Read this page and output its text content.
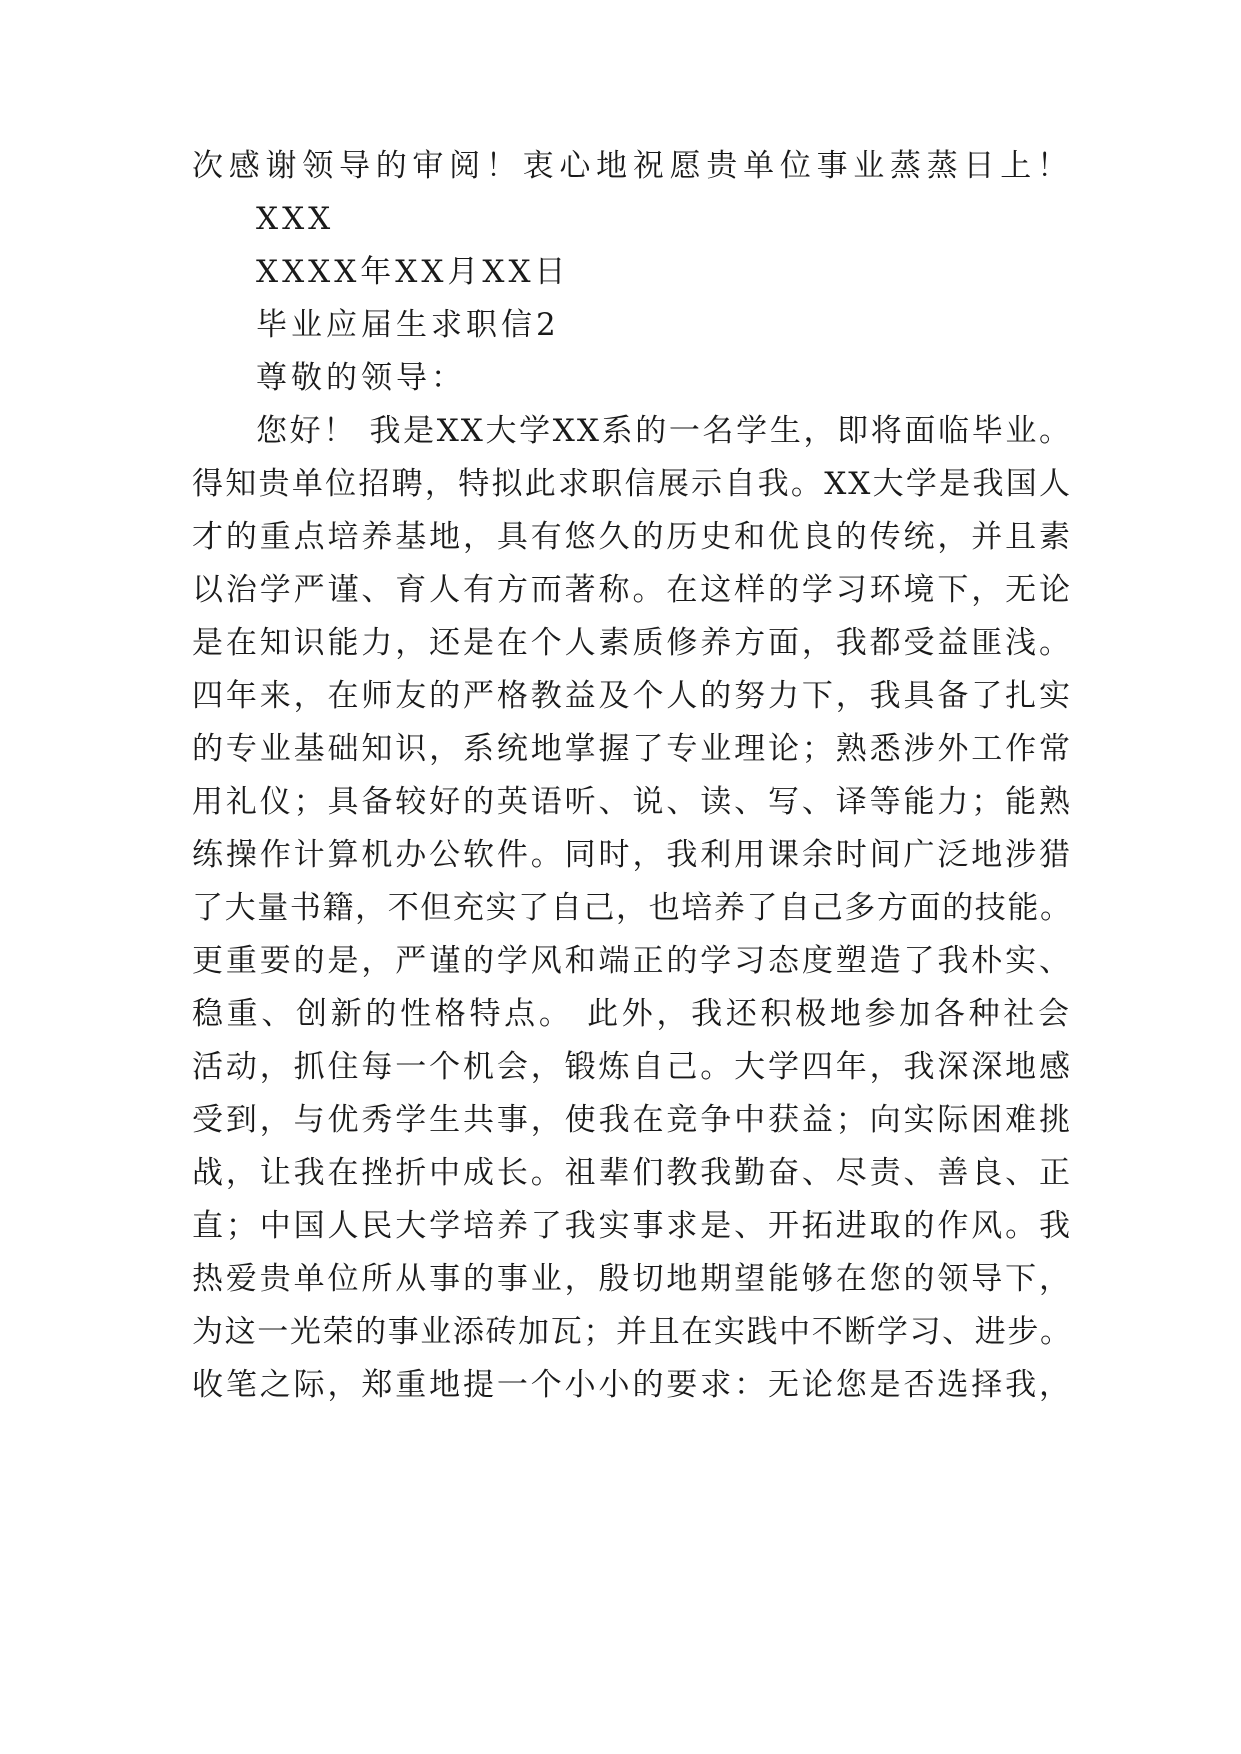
次感谢领导的审阅！衷心地祝愿贵单位事业蒸蒸日上！
XXX
XXXX年XX月XX日
毕业应届生求职信2
尊敬的领导：
您好！ 我是XX大学XX系的一名学生，即将面临毕业。
得知贵单位招聘，特拟此求职信展示自我。XX大学是我国人
才的重点培养基地，具有悠久的历史和优良的传统，并且素
以治学严谨、育人有方而著称。在这样的学习环境下，无论
是在知识能力，还是在个人素质修养方面，我都受益匪浅。
四年来，在师友的严格教益及个人的努力下，我具备了扎实
的专业基础知识，系统地掌握了专业理论；熟悉涉外工作常
用礼仪；具备较好的英语听、说、读、写、译等能力；能熟
练操作计算机办公软件。同时，我利用课余时间广泛地涉猎
了大量书籍，不但充实了自己，也培养了自己多方面的技能。
更重要的是，严谨的学风和端正的学习态度塑造了我朴实、
稳重、创新的性格特点。 此外，我还积极地参加各种社会
活动，抓住每一个机会，锻炼自己。大学四年，我深深地感
受到，与优秀学生共事，使我在竞争中获益；向实际困难挑
战，让我在挫折中成长。祖辈们教我勤奋、尽责、善良、正
直；中国人民大学培养了我实事求是、开拓进取的作风。我
热爱贵单位所从事的事业，殷切地期望能够在您的领导下，
为这一光荣的事业添砖加瓦；并且在实践中不断学习、进步。
收笔之际，郑重地提一个小小的要求：无论您是否选择我，
